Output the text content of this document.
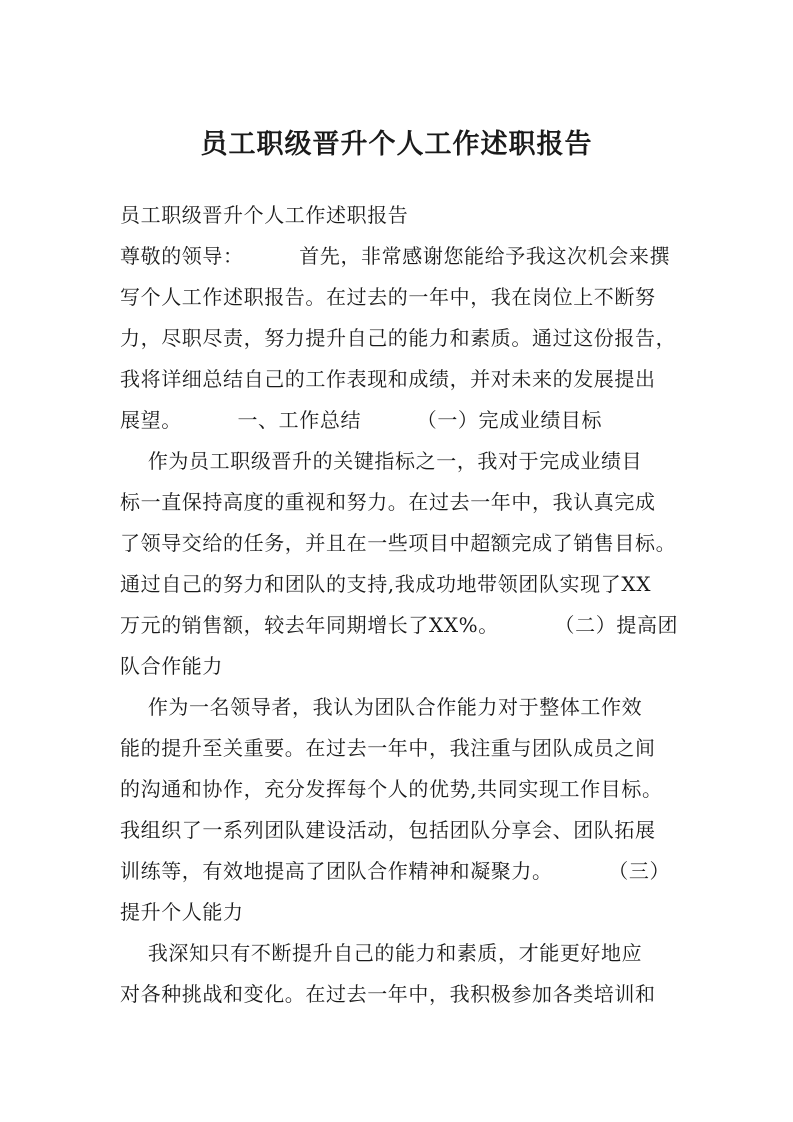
员工职级晋升个人工作述职报告
员工职级晋升个人工作述职报告
尊敬的领导：        首先，非常感谢您能给予我这次机会来撰
写个人工作述职报告。在过去的一年中，我在岗位上不断努
力，尽职尽责，努力提升自己的能力和素质。通过这份报告，
我将详细总结自己的工作表现和成绩，并对未来的发展提出
展望。        一、工作总结        （一）完成业绩目标
作为员工职级晋升的关键指标之一，我对于完成业绩目
标一直保持高度的重视和努力。在过去一年中，我认真完成
了领导交给的任务，并且在一些项目中超额完成了销售目标。
通过自己的努力和团队的支持,我成功地带领团队实现了XX
万元的销售额，较去年同期增长了XX%。        （二）提高团
队合作能力
作为一名领导者，我认为团队合作能力对于整体工作效
能的提升至关重要。在过去一年中，我注重与团队成员之间
的沟通和协作，充分发挥每个人的优势,共同实现工作目标。
我组织了一系列团队建设活动，包括团队分享会、团队拓展
训练等，有效地提高了团队合作精神和凝聚力。        （三）
提升个人能力
我深知只有不断提升自己的能力和素质，才能更好地应
对各种挑战和变化。在过去一年中，我积极参加各类培训和
